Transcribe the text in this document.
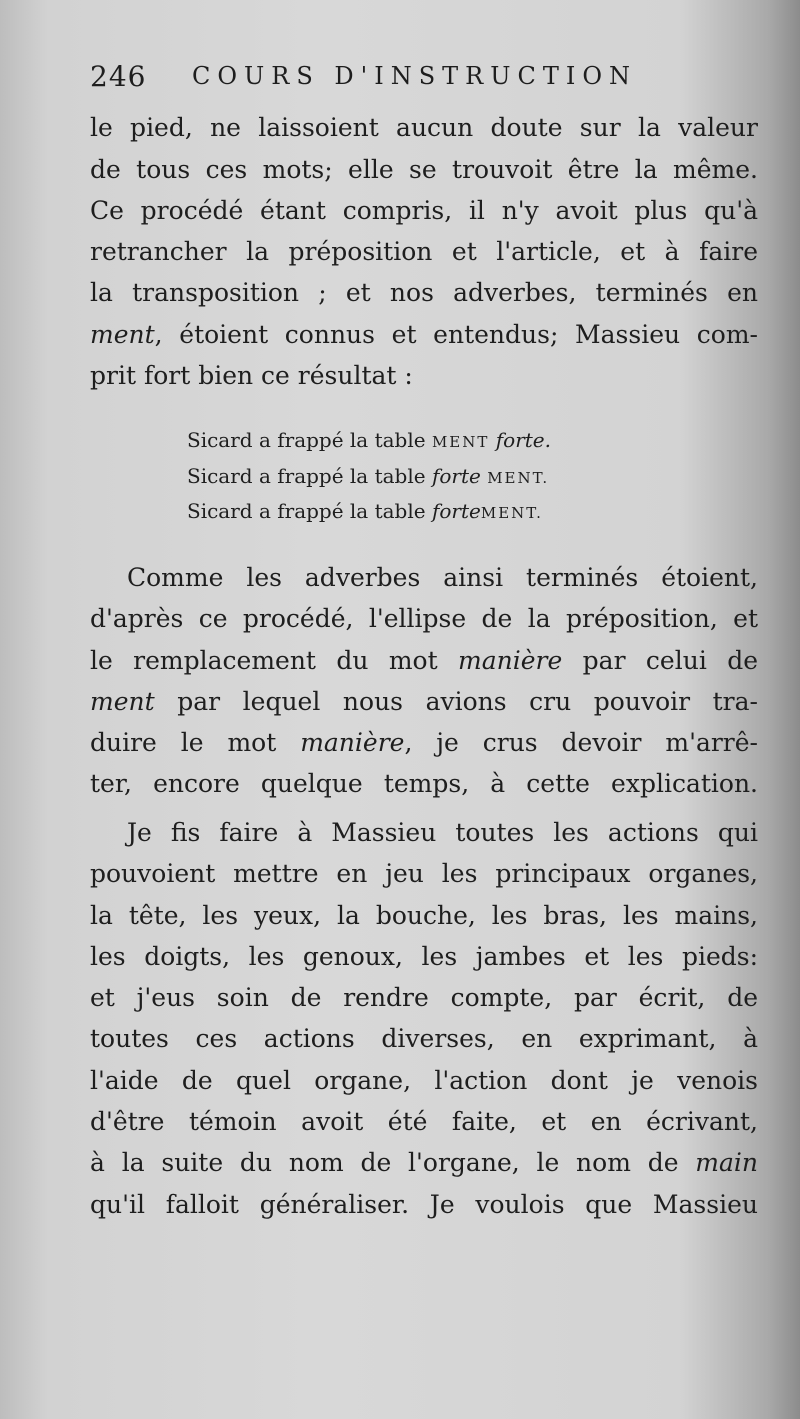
246 COURS D'INSTRUCTION
le pied, ne laissoient aucun doute sur la valeur
de tous ces mots; elle se trouvoit être la même.
Ce procédé étant compris, il n'y avoit plus qu'à
retrancher la préposition et l'article, et à faire
la transposition ; et nos adverbes, terminés en
ment, étoient connus et entendus; Massieu com-
prit fort bien ce résultat :
Sicard a frappé la table MENT forte.
Sicard a frappé la table forte MENT.
Sicard a frappé la table forteMENT.
Comme les adverbes ainsi terminés étoient,
d'après ce procédé, l'ellipse de la préposition, et
le remplacement du mot manière par celui de
ment par lequel nous avions cru pouvoir tra-
duire le mot manière, je crus devoir m'arrê-
ter, encore quelque temps, à cette explication.
Je fis faire à Massieu toutes les actions qui
pouvoient mettre en jeu les principaux organes,
la tête, les yeux, la bouche, les bras, les mains,
les doigts, les genoux, les jambes et les pieds:
et j'eus soin de rendre compte, par écrit, de
toutes ces actions diverses, en exprimant, à
l'aide de quel organe, l'action dont je venois
d'être témoin avoit été faite, et en écrivant,
à la suite du nom de l'organe, le nom de main
qu'il falloit généraliser. Je voulois que Massieu
